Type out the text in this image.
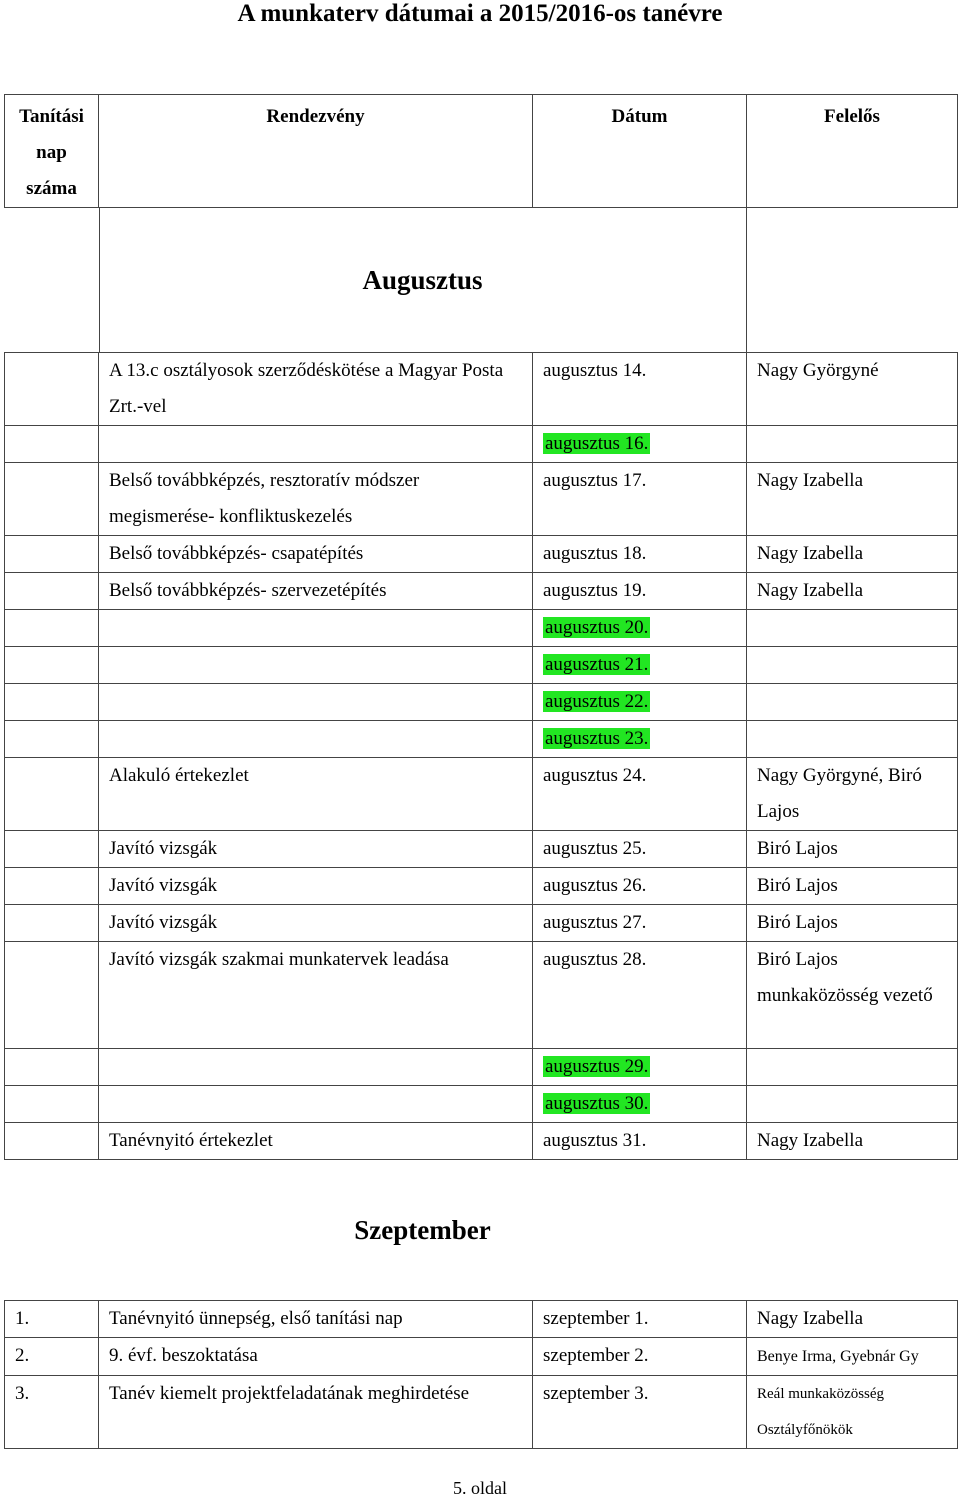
A munkaterv dátumai a 2015/2016-os tanévre
Tanítási nap száma	Rendezvény	Dátum	Felelős

Augusztus			

	A 13.c osztályosok szerződéskötése a Magyar Posta Zrt.-vel	augusztus 14.	Nagy Györgyné

		augusztus 16.	

	Belső továbbképzés, resztoratív módszer megismerése- konfliktuskezelés	augusztus 17.	Nagy Izabella

	Belső továbbképzés- csapatépítés	augusztus 18.	Nagy Izabella

	Belső továbbképzés- szervezetépítés	augusztus 19.	Nagy Izabella

		augusztus 20.	

		augusztus 21.	

		augusztus 22.	

		augusztus 23.	

	Alakuló értekezlet	augusztus 24.	Nagy Györgyné, Biró Lajos

	Javító vizsgák	augusztus 25.	Biró Lajos

	Javító vizsgák	augusztus 26.	Biró Lajos

	Javító vizsgák	augusztus 27.	Biró Lajos

	Javító vizsgák szakmai munkatervek leadása	augusztus 28.	Biró Lajos munkaközösség vezető

		augusztus 29.	

		augusztus 30.	

	Tanévnyitó értekezlet	augusztus 31.	Nagy Izabella

Szeptember			

1.	Tanévnyitó ünnepség, első tanítási nap	szeptember 1.	Nagy Izabella

2.	9. évf. beszoktatása	szeptember 2.	Benye Irma, Gyebnár Gy

3.	Tanév kiemelt projektfeladatának meghirdetése	szeptember 3.	Reál munkaközösség
Osztályfőnökök
5. oldal
